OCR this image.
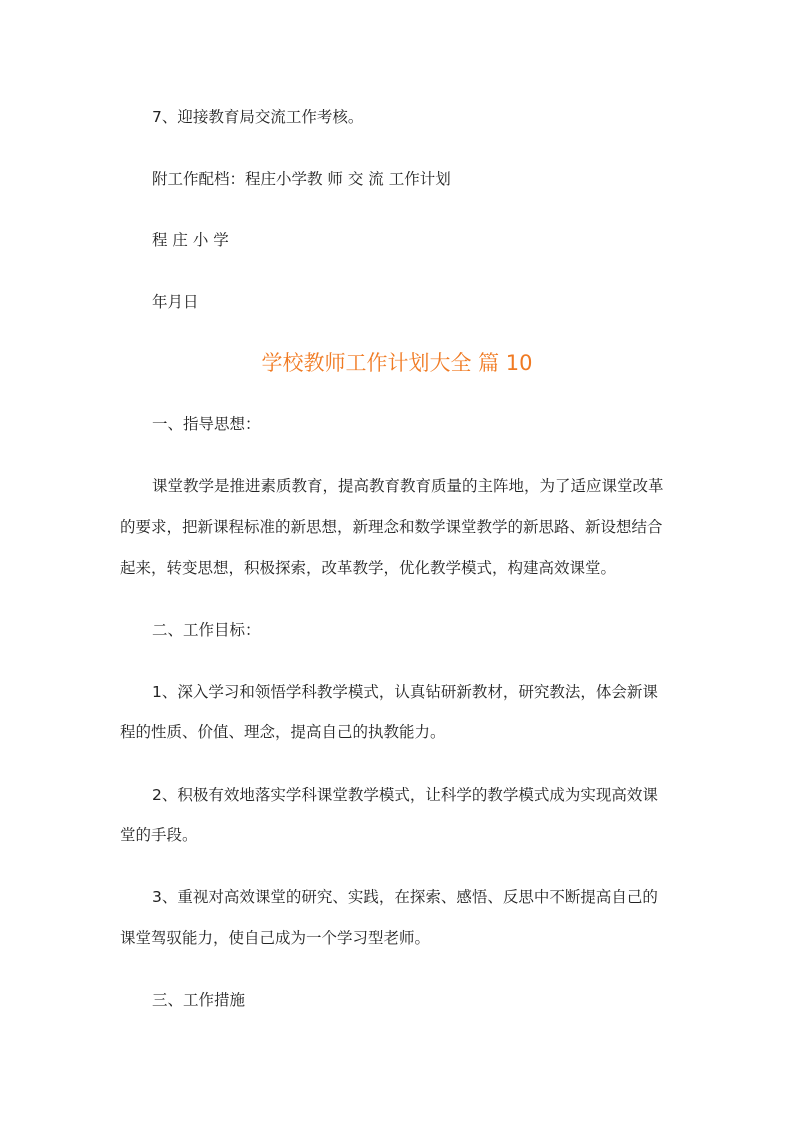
7、迎接教育局交流工作考核。
附工作配档：程庄小学教 师 交 流 工作计划
程 庄 小 学
年月日
学校教师工作计划大全 篇 10
一、指导思想：
课堂教学是推进素质教育，提高教育教育质量的主阵地，为了适应课堂改革
的要求，把新课程标准的新思想，新理念和数学课堂教学的新思路、新设想结合
起来，转变思想，积极探索，改革教学，优化教学模式，构建高效课堂。
二、工作目标：
1、深入学习和领悟学科教学模式，认真钻研新教材，研究教法，体会新课
程的性质、价值、理念，提高自己的执教能力。
2、积极有效地落实学科课堂教学模式，让科学的教学模式成为实现高效课
堂的手段。
3、重视对高效课堂的研究、实践，在探索、感悟、反思中不断提高自己的
课堂驾驭能力，使自己成为一个学习型老师。
三、工作措施
